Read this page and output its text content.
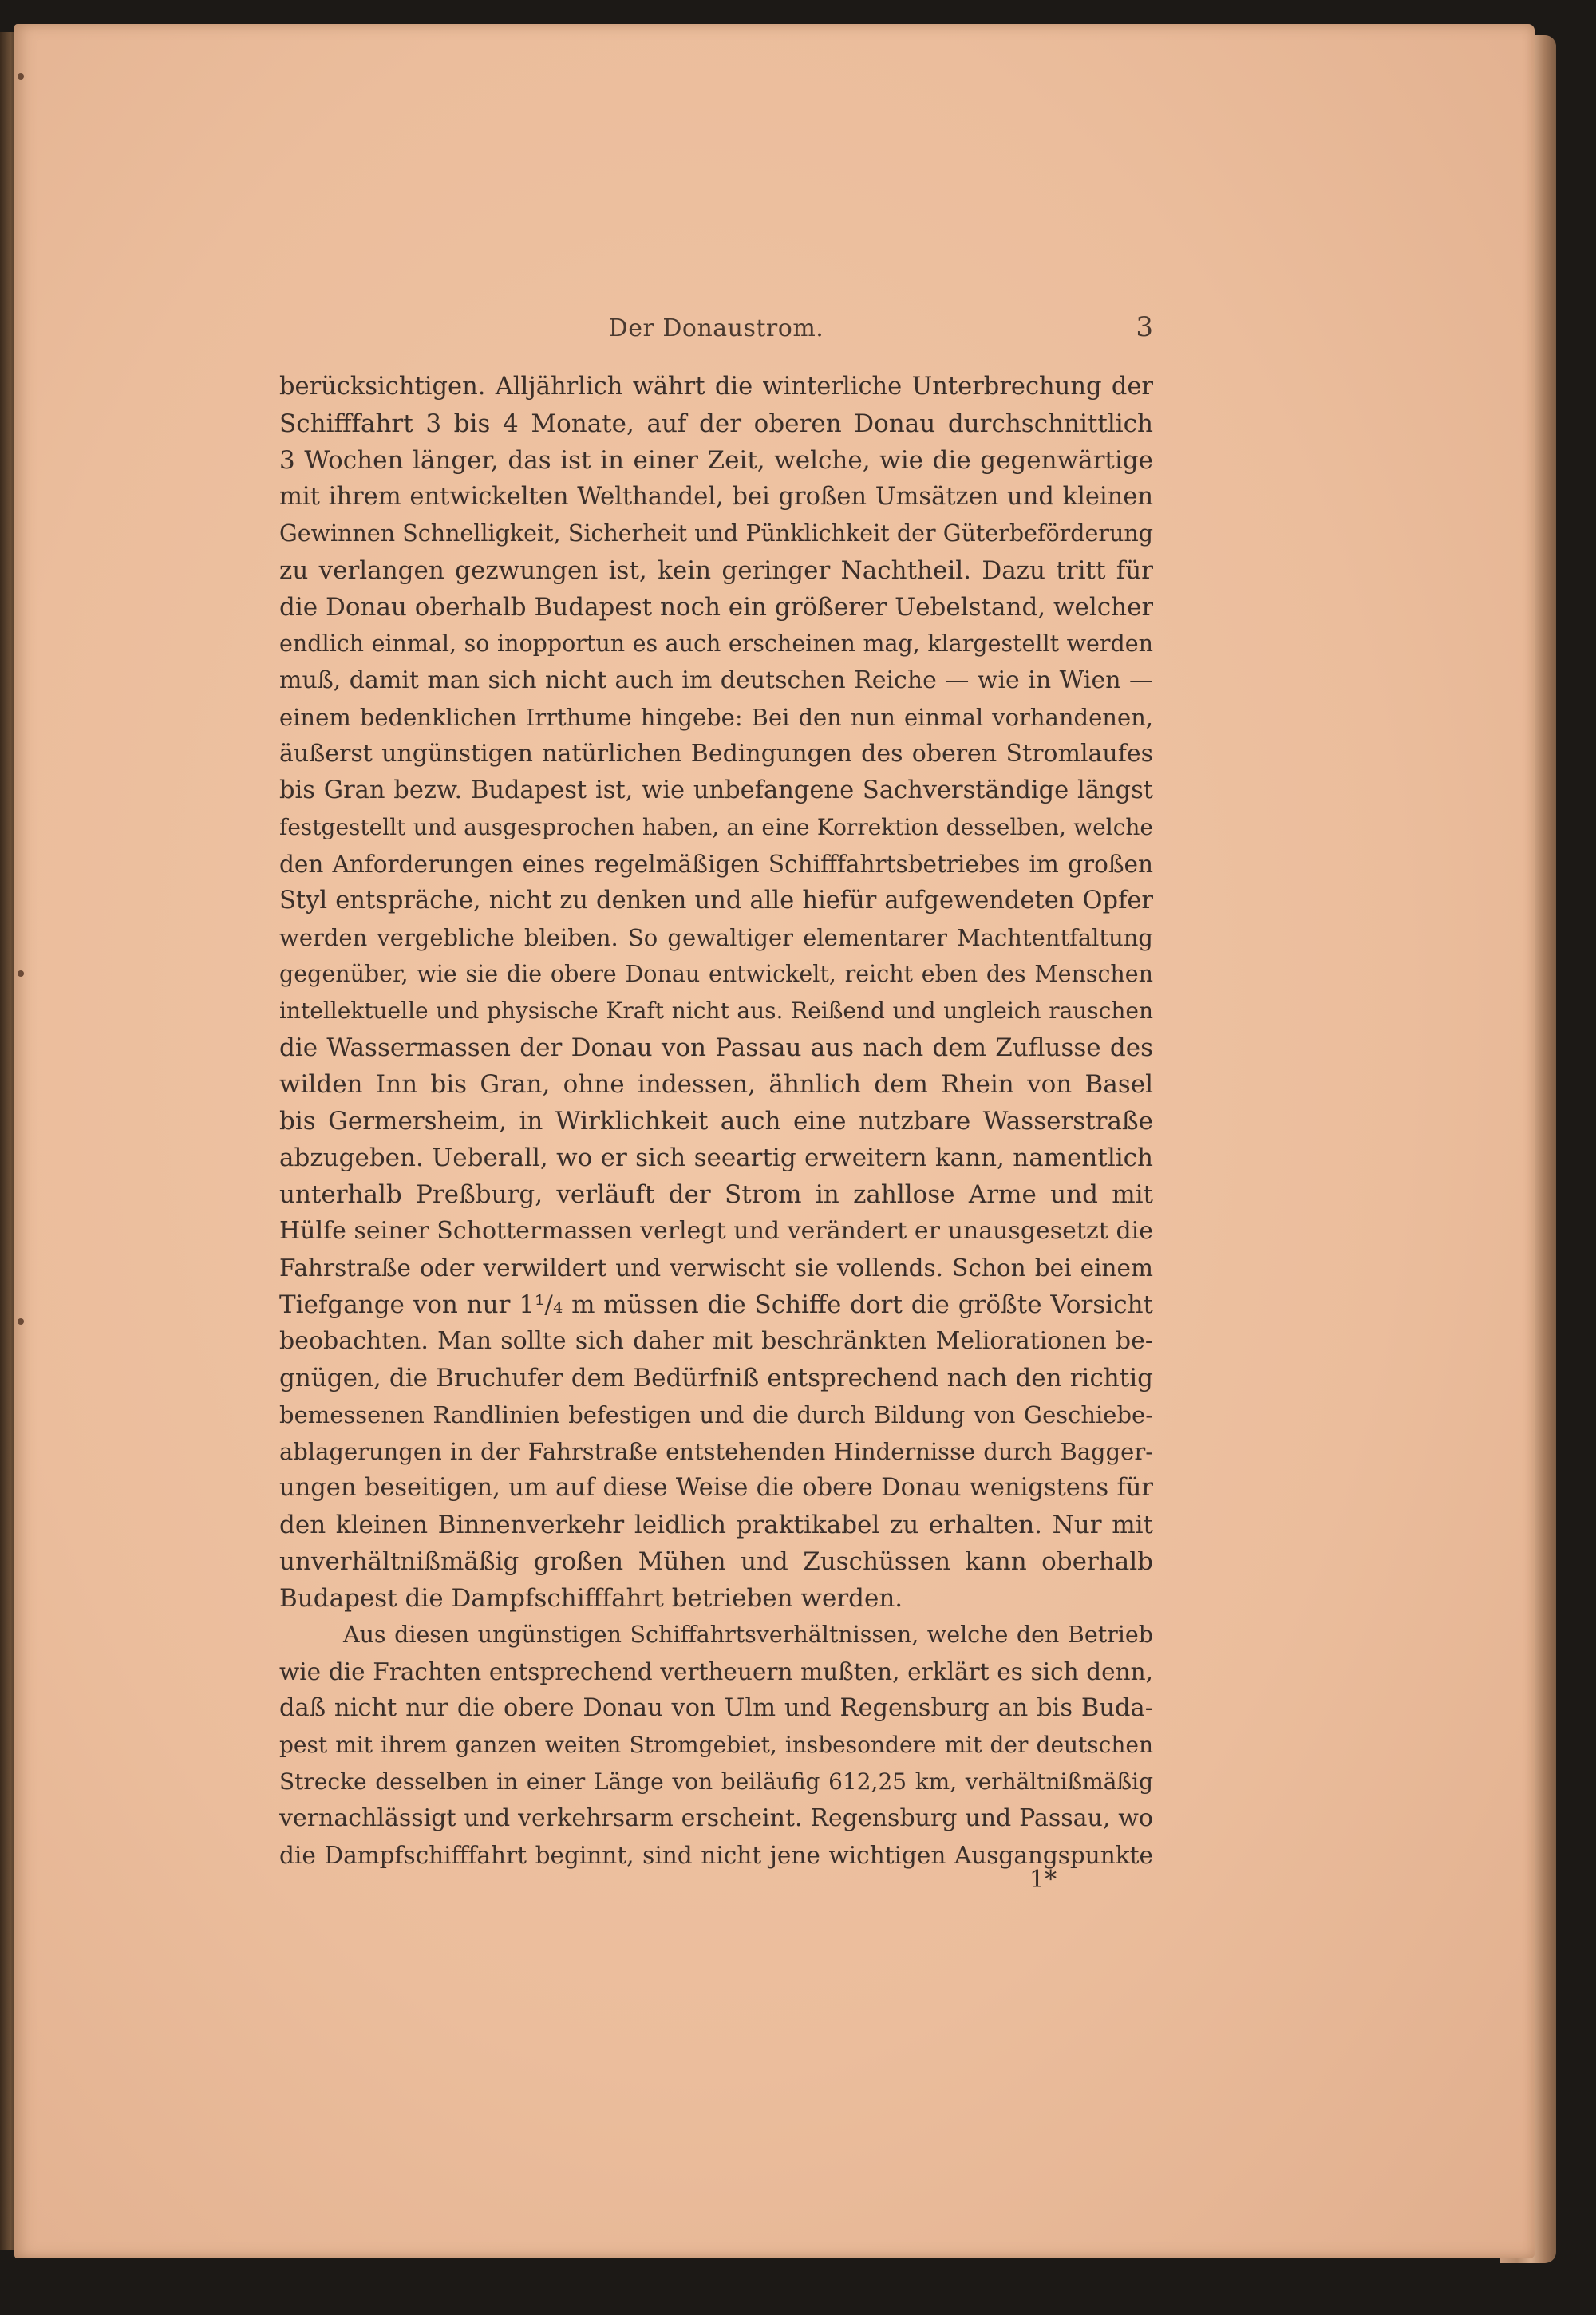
Der Donaustrom.	3
berücksichtigen. Alljährlich währt die winterliche Unterbrechung der
Schifffahrt 3 bis 4 Monate, auf der oberen Donau durchschnittlich
3 Wochen länger, das ist in einer Zeit, welche, wie die gegenwärtige
mit ihrem entwickelten Welthandel, bei großen Umsätzen und kleinen
Gewinnen Schnelligkeit, Sicherheit und Pünklichkeit der Güterbeförderung
zu verlangen gezwungen ist, kein geringer Nachtheil. Dazu tritt für
die Donau oberhalb Budapest noch ein größerer Uebelstand, welcher
endlich einmal, so inopportun es auch erscheinen mag, klargestellt werden
muß, damit man sich nicht auch im deutschen Reiche — wie in Wien —
einem bedenklichen Irrthume hingebe: Bei den nun einmal vorhandenen,
äußerst ungünstigen natürlichen Bedingungen des oberen Stromlaufes
bis Gran bezw. Budapest ist, wie unbefangene Sachverständige längst
festgestellt und ausgesprochen haben, an eine Korrektion desselben, welche
den Anforderungen eines regelmäßigen Schifffahrtsbetriebes im großen
Styl entspräche, nicht zu denken und alle hiefür aufgewendeten Opfer
werden vergebliche bleiben. So gewaltiger elementarer Machtentfaltung
gegenüber, wie sie die obere Donau entwickelt, reicht eben des Menschen
intellektuelle und physische Kraft nicht aus. Reißend und ungleich rauschen
die Wassermassen der Donau von Passau aus nach dem Zuflusse des
wilden Inn bis Gran, ohne indessen, ähnlich dem Rhein von Basel
bis Germersheim, in Wirklichkeit auch eine nutzbare Wasserstraße
abzugeben. Ueberall, wo er sich seeartig erweitern kann, namentlich
unterhalb Preßburg, verläuft der Strom in zahllose Arme und mit
Hülfe seiner Schottermassen verlegt und verändert er unausgesetzt die
Fahrstraße oder verwildert und verwischt sie vollends. Schon bei einem
Tiefgange von nur 1¹/₄ m müssen die Schiffe dort die größte Vorsicht
beobachten. Man sollte sich daher mit beschränkten Meliorationen be-
gnügen, die Bruchufer dem Bedürfniß entsprechend nach den richtig
bemessenen Randlinien befestigen und die durch Bildung von Geschiebe-
ablagerungen in der Fahrstraße entstehenden Hindernisse durch Bagger-
ungen beseitigen, um auf diese Weise die obere Donau wenigstens für
den kleinen Binnenverkehr leidlich praktikabel zu erhalten. Nur mit
unverhältnißmäßig großen Mühen und Zuschüssen kann oberhalb
Budapest die Dampfschifffahrt betrieben werden.
Aus diesen ungünstigen Schiffahrtsverhältnissen, welche den Betrieb
wie die Frachten entsprechend vertheuern mußten, erklärt es sich denn,
daß nicht nur die obere Donau von Ulm und Regensburg an bis Buda-
pest mit ihrem ganzen weiten Stromgebiet, insbesondere mit der deutschen
Strecke desselben in einer Länge von beiläufig 612,25 km, verhältnißmäßig
vernachlässigt und verkehrsarm erscheint. Regensburg und Passau, wo
die Dampfschifffahrt beginnt, sind nicht jene wichtigen Ausgangspunkte
1*
